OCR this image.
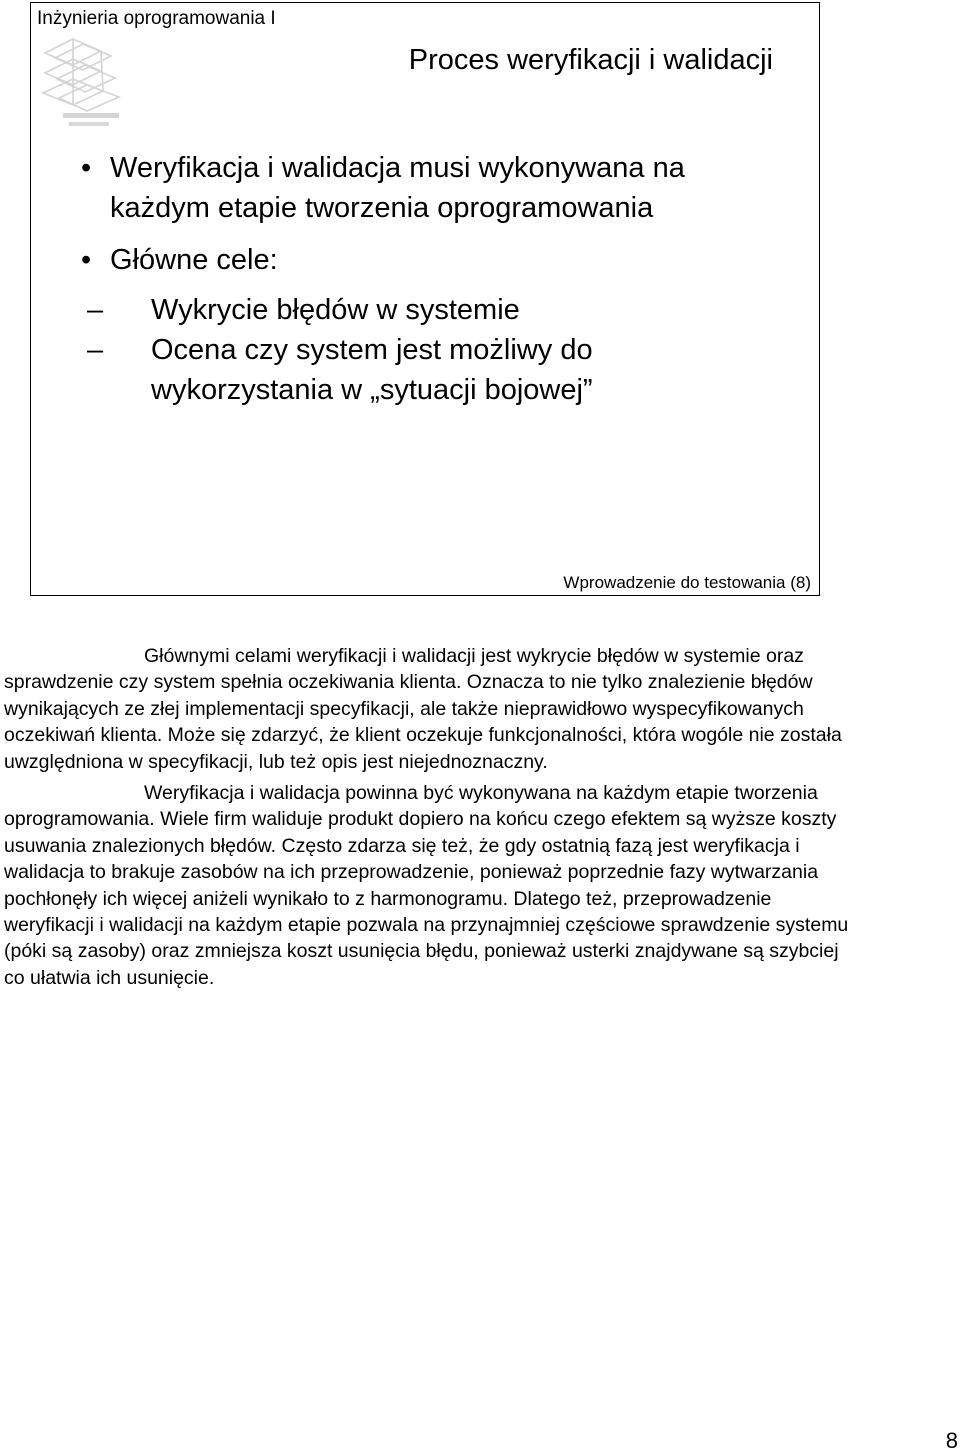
Inżynieria oprogramowania I
Proces weryfikacji i walidacji
• Weryfikacja i walidacja musi wykonywana na każdym etapie tworzenia oprogramowania
• Główne cele:
–	Wykrycie błędów w systemie
–	Ocena czy system jest możliwy do wykorzystania w „sytuacji bojowej”
Wprowadzenie do testowania (8)

Głównymi celami weryfikacji i walidacji jest wykrycie błędów w systemie oraz sprawdzenie czy system spełnia oczekiwania klienta. Oznacza to nie tylko znalezienie błędów wynikających ze złej implementacji specyfikacji, ale także nieprawidłowo wyspecyfikowanych oczekiwań klienta. Może się zdarzyć, że klient oczekuje funkcjonalności, która wogóle nie została uwzględniona w specyfikacji, lub też opis jest niejednoznaczny.

Weryfikacja i walidacja powinna być wykonywana na każdym etapie tworzenia oprogramowania. Wiele firm waliduje produkt dopiero na końcu czego efektem są wyższe koszty usuwania znalezionych błędów. Często zdarza się też, że gdy ostatnią fazą jest weryfikacja i walidacja to brakuje zasobów na ich przeprowadzenie, ponieważ poprzednie fazy wytwarzania pochłonęły ich więcej aniżeli wynikało to z harmonogramu. Dlatego też, przeprowadzenie weryfikacji i walidacji na każdym etapie pozwala na przynajmniej częściowe sprawdzenie systemu (póki są zasoby) oraz zmniejsza koszt usunięcia błędu, ponieważ usterki znajdywane są szybciej co ułatwia ich usunięcie.

8
